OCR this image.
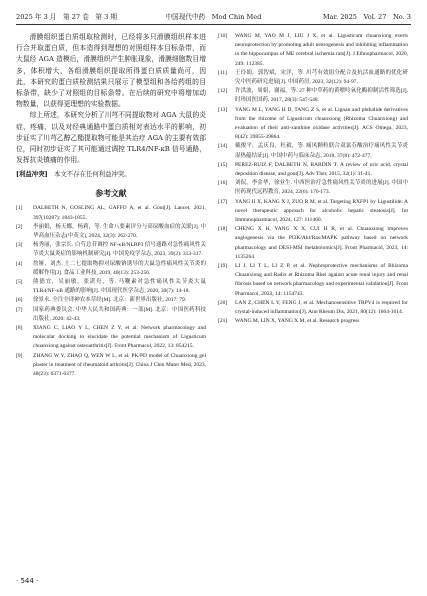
2025 年 3 月　第 27 卷　第 3 期	中国现代中药　Mod Chin Med	Mar. 2025　Vol. 27　No. 3

滑膜组织蛋白质组取检测时，已经将多只滑膜组织样本进行合并取蛋白质，但本造得到理想的对照组样本目标条带，而大鼠经 AGA 造模后，滑膜组织产生肿胀现象，滑膜细胞数目增多，体积增大，各组滑膜组织提取所得蛋白质质量尚可，因此，本研究的蛋白质检测结果只展示了模型组和各给药组的目标条带，缺少了对照组的目标条带。在后续的研究中将增加动物数量，以获得更理想的实验数据。

综上所述，本研究分析了川芎不同提取物对 AGA 大鼠的炎症、疼痛、以及对经典通路中蛋白质相对表达水平的影响，初步证实了川芎乙醇乙酯提取物可能是其治疗 AGA 的主要有效部位，同时初步证实了其可能通过调控 TLR4/NF-κB 信号通路，发挥抗炎镇痛的作用。

[利益冲突]　 本文不存在任何利益冲突。

参考文献

[1] DALBETH N, GOSLING AL, GAFFO A, et al. Gout[J]. Lancet, 2021, 397(10287): 1843-1855.

[2] 李丽娟，杨天娜，杨莉，等. 生命八要素评分与高尿酸血症的关联[J]. 中华高血压杂志(中英文), 2024, 32(3): 262-270.

[3] 杨秀丽，张宗长. 白芍总苷调控 NF-κB/NLRP3 信号通路对急性痛风性关节炎大鼠炎症的影响机制研究[J]. 中国免疫学杂志, 2023, 39(2): 313-317.

[4] 詹娅，刘杰. 土二七提取物抑对尿酸钠诱导的大鼠急性痛风性关节炎的缓解作用[J]. 食品工业科技, 2019, 40(13): 253-256.

[5] 熊德宜，吴丽敏，张湛舟，等. 马鞭素对急性痛风性关节炎大鼠 TLR4/NF-κB 通路的影响[J]. 中国现代医学杂志, 2020, 30(7): 14-18.

[6] 徐景永. 全注全译神农本草经[M]. 北京：新世界出版社, 2017: 79.

[7] 国家药典委员会. 中华人民共和国药典：一部[M]. 北京：中国医药科技出版社, 2020: 42-43.

[8] XIANG C, LIAO Y L, CHEN Z Y, et al. Network pharmacology and molecular docking to elucidate the potential mechanism of Ligusticum chuanxiong against osteoarthritis[J]. Front Pharmacol, 2022, 13: 854215.

[9] ZHANG W Y, ZHAO Q, WEN W L, et al. PK/PD model of Chuanxiong gel plaster in treatment of rheumatoid arthritis[J]. China J Chin Mater Med, 2023, 48(23): 6371-6377.

[10] WANG M, YAO M J, LIU J X, et al. Ligusticum chuanxiong exerts neuroprotection by promoting adult neurogenesis and inhibiting inflammation in the hippocampus of ME cerebral ischemia rats[J]. J Ethnopharmacol, 2020, 249: 112385.

[11] 王玲娟，郭智斌，宋洋，等. 川芎有效组分配合及抗活血通路的优化研究中医药研究进展[J]. 中国药房, 2023, 32(12): 94-97.

[12] 许洪波，周娟，谢福，等. 27 种中草药的黄嘌呤氧化酶抑制活性筛选[J]. 时珍国医国药, 2017, 28(3): 547-548.

[13] YANG M L, YANG H D, TANG Z S, et al. Lignan and phthalide derivatives from the rhizome of Ligusticum chuanxiong (Rhizoma Chuanxiong) and evaluation of their anti-xanthine oxidase activities[J]. ACS Omega, 2023, 8(42): 39855-39864.

[14] 戴俊平，孟庆良，杜毅，等. 痛风颗粒联合双氯芬酸治疗痛风性关节炎湿热蕴结证[J]. 中国中药与临床杂志, 2018, 37(8): 472-477.

[15] PEREZ-RUIZ F, DALBETH N, BARDIN T. A review of uric acid, crystal deposition disease, and gout[J]. Adv Ther, 2015, 32(1): 31-41.

[16] 刘侃，李金华，徐业生. 中西医治疗急性痛风性关节炎的进展[J]. 中国中医药现代远程教育, 2024, 22(6): 170-173.

[17] YANG II X, KANG X J, ZUO R M, et al. Targeting RXFP1 by Ligustilide: A novel therapeutic approach for alcoholic hepatic steatosis[J]. Int Immunopharmacol, 2024, 127: 111460.

[18] CHENG X H, YANG X X, CUI H R, et al. Chuanxiong improves angiogenesis via the PI3K/Akt/Ras/MAPK pathway based on network pharmacology and DESI-MSI metabolomics[J]. Front Pharmacol, 2023, 14: 1135264.

[19] LI J, LI T L, LI Z P, et al. Nephroprotective mechanisms of Rhizoma Chuanxiong and Radix et Rhizoma Rhei against acute renal injury and renal fibrosis based on network pharmacology and experimental validation[J]. Front Pharmacol, 2023, 14: 1154743.

[20] LAN Z, CHEN L Y, FENG J, et al. Mechanosensitive TRPV4 is required for crystal-induced inflammation[J]. Ann Rheum Dis, 2021, 80(12): 1604-1614.

[21] WANG M, LIN X, YANG X M, et al. Research progress

· 544 ·
